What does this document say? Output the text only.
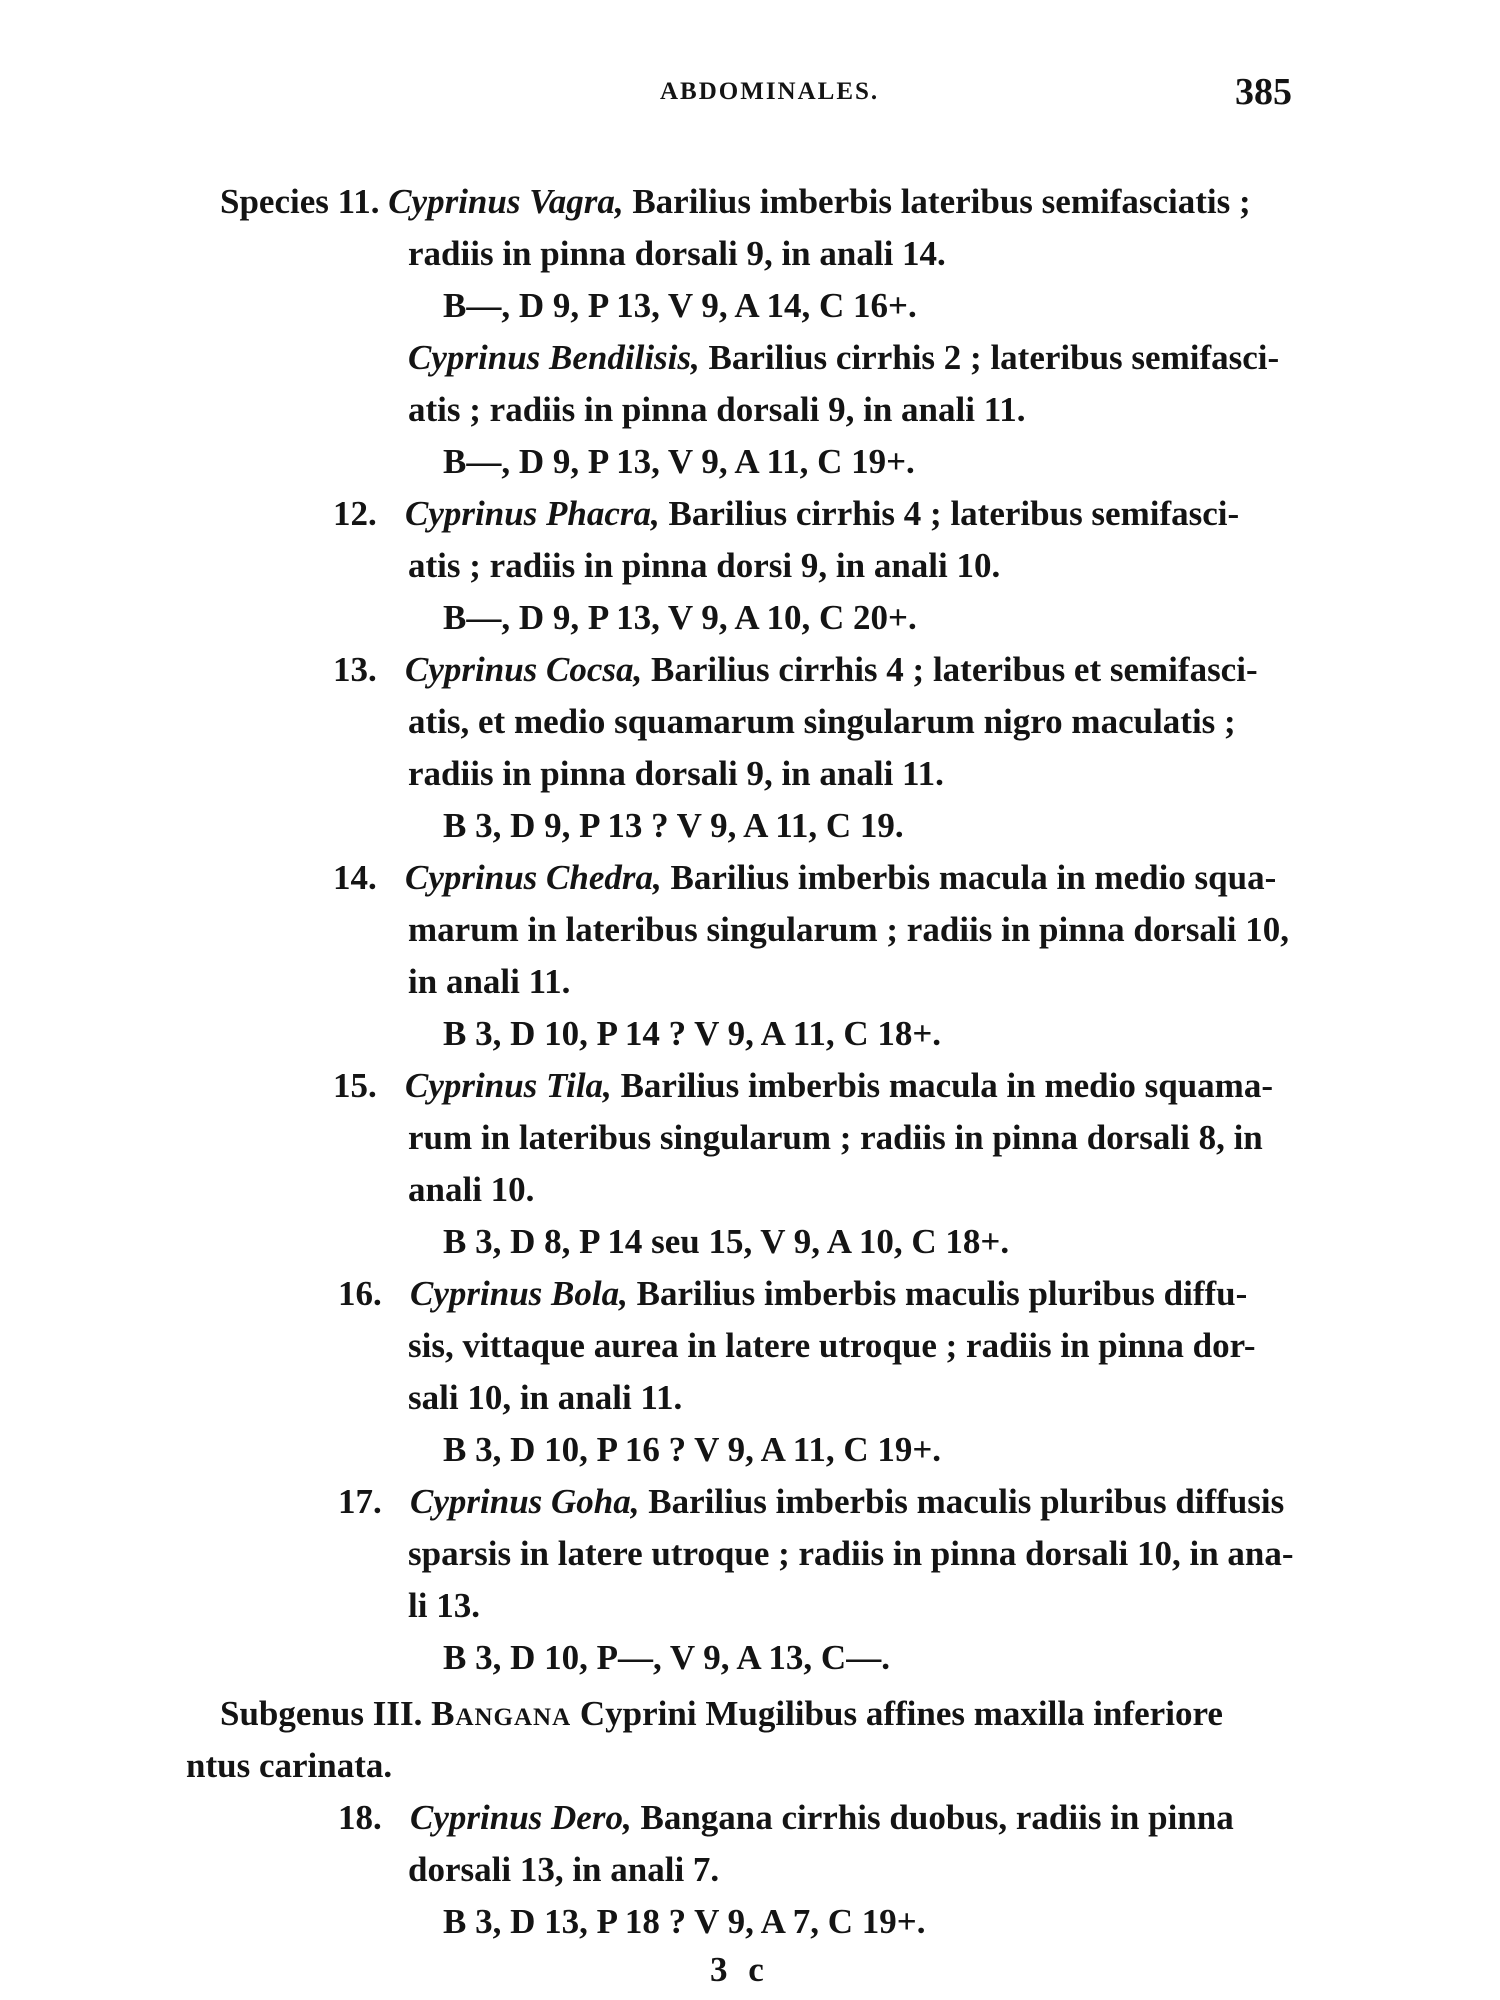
ABDOMINALES.	385
Species 11. Cyprinus Vagra, Barilius imberbis lateribus semifasciatis ;
radiis in pinna dorsali 9, in anali 14.
B—, D 9, P 13, V 9, A 14, C 16+.
Cyprinus Bendilisis, Barilius cirrhis 2 ; lateribus semifasci-
atis ; radiis in pinna dorsali 9, in anali 11.
B—, D 9, P 13, V 9, A 11, C 19+.
12. Cyprinus Phacra, Barilius cirrhis 4 ; lateribus semifasci-
atis ; radiis in pinna dorsi 9, in anali 10.
B—, D 9, P 13, V 9, A 10, C 20+.
13. Cyprinus Cocsa, Barilius cirrhis 4 ; lateribus et semifasci-
atis, et medio squamarum singularum nigro maculatis ;
radiis in pinna dorsali 9, in anali 11.
B 3, D 9, P 13 ? V 9, A 11, C 19.
14. Cyprinus Chedra, Barilius imberbis macula in medio squa-
marum in lateribus singularum ; radiis in pinna dorsali 10,
in anali 11.
B 3, D 10, P 14 ? V 9, A 11, C 18+.
15. Cyprinus Tila, Barilius imberbis macula in medio squama-
rum in lateribus singularum ; radiis in pinna dorsali 8, in
anali 10.
B 3, D 8, P 14 seu 15, V 9, A 10, C 18+.
16. Cyprinus Bola, Barilius imberbis maculis pluribus diffu-
sis, vittaque aurea in latere utroque ; radiis in pinna dor-
sali 10, in anali 11.
B 3, D 10, P 16 ? V 9, A 11, C 19+.
17. Cyprinus Goha, Barilius imberbis maculis pluribus diffusis
sparsis in latere utroque ; radiis in pinna dorsali 10, in ana-
li 13.
B 3, D 10, P—, V 9, A 13, C—.
Subgenus III. Bangana Cyprini Mugilibus affines maxilla inferiore
ntus carinata.
18. Cyprinus Dero, Bangana cirrhis duobus, radiis in pinna
dorsali 13, in anali 7.
B 3, D 13, P 18 ? V 9, A 7, C 19+.
3 c
